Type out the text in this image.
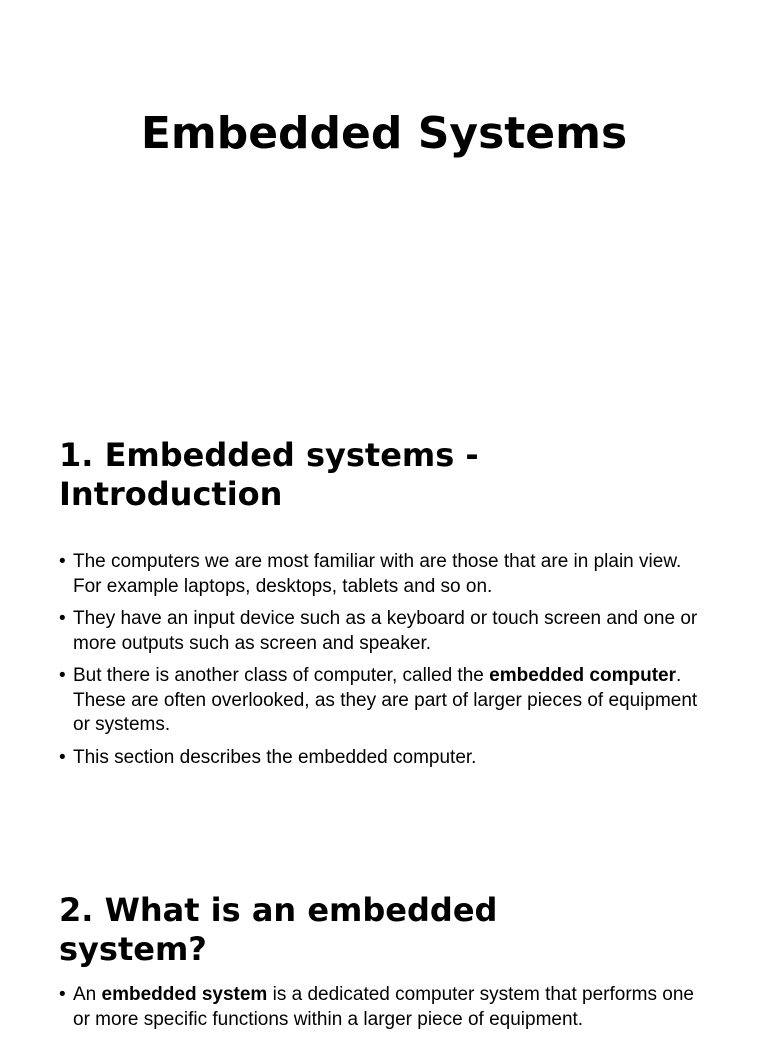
Embedded Systems
1. Embedded systems -
Introduction
• The computers we are most familiar with are those that are in plain view. For example laptops, desktops, tablets and so on.
• They have an input device such as a keyboard or touch screen and one or more outputs such as screen and speaker.
• But there is another class of computer, called the embedded computer. These are often overlooked, as they are part of larger pieces of equipment or systems.
• This section describes the embedded computer.
2. What is an embedded
system?
• An embedded system is a dedicated computer system that performs one or more specific functions within a larger piece of equipment.
